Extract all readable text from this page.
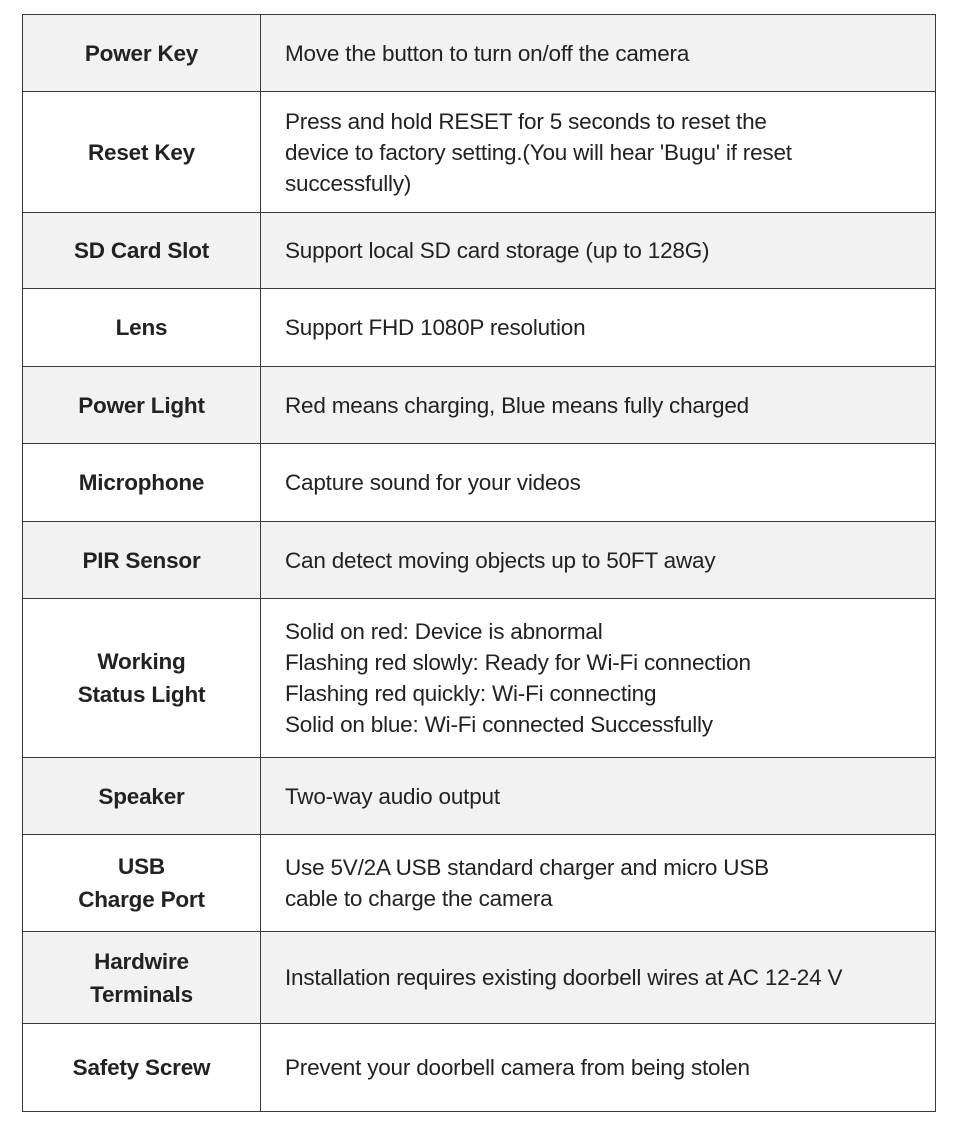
Power Key	Move the button to turn on/off the camera

Reset Key	Press and hold RESET for 5 seconds to reset the
device to factory setting.(You will hear 'Bugu' if reset
successfully)

SD Card Slot	Support local SD card storage (up to 128G)

Lens	Support FHD 1080P resolution

Power Light	Red means charging, Blue means fully charged

Microphone	Capture sound for your videos

PIR Sensor	Can detect moving objects up to 50FT away

Working
Status Light	Solid on red: Device is abnormal
Flashing red slowly: Ready for Wi-Fi connection
Flashing red quickly: Wi-Fi connecting
Solid on blue: Wi-Fi connected Successfully

Speaker	Two-way audio output

USB
Charge Port	Use 5V/2A USB standard charger and micro USB
cable to charge the camera

Hardwire
Terminals	Installation requires existing doorbell wires at AC 12-24 V

Safety Screw	Prevent your doorbell camera from being stolen
